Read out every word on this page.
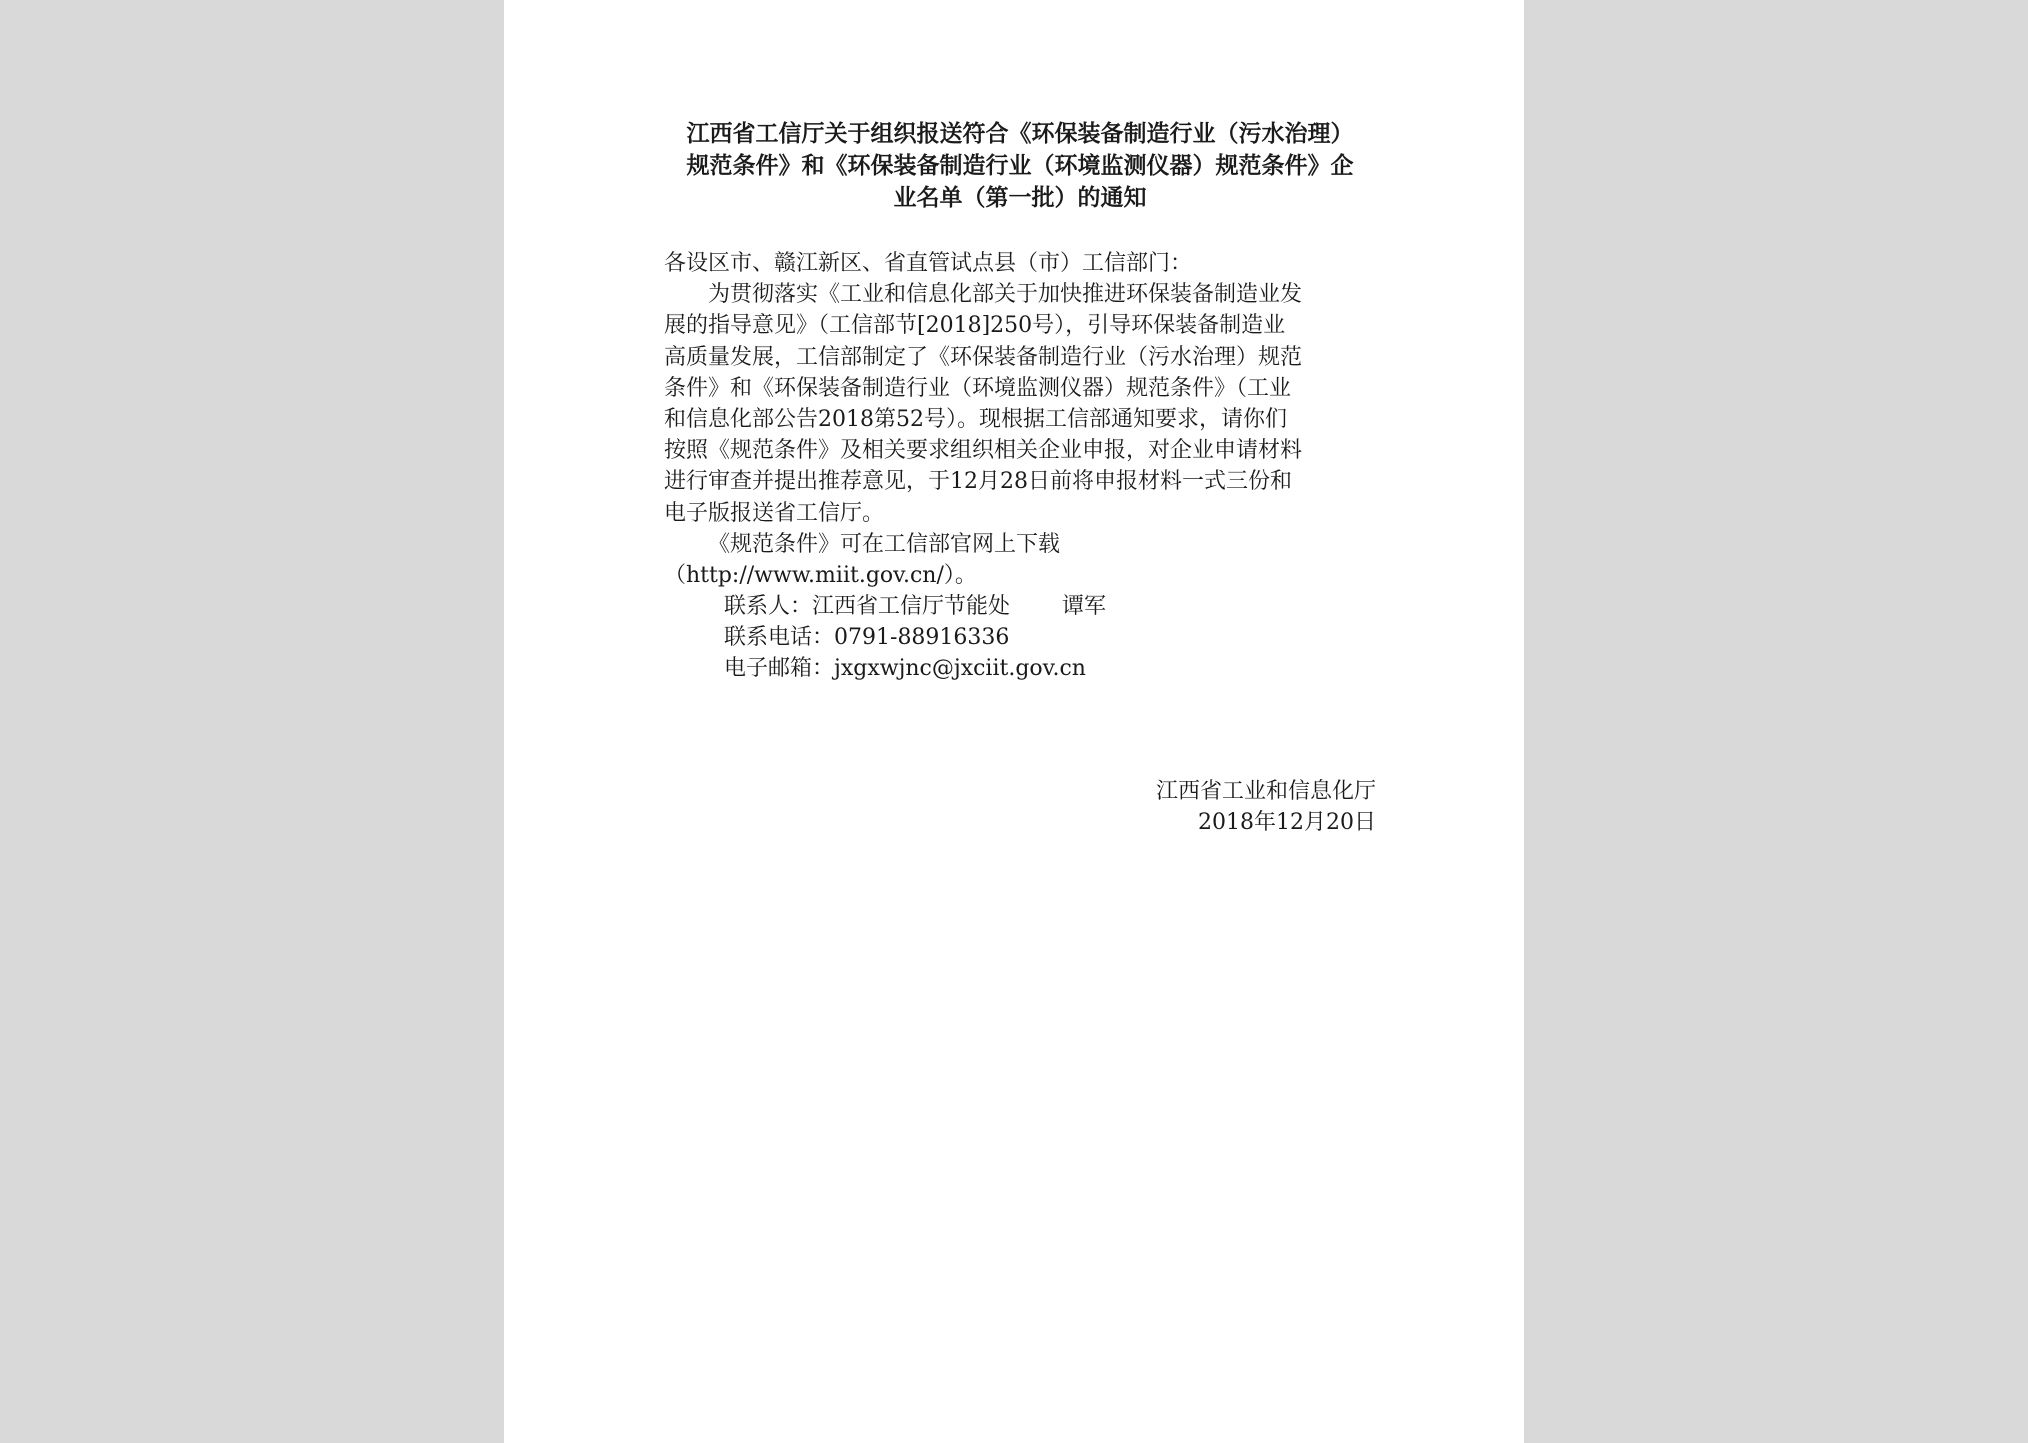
江西省工信厅关于组织报送符合《环保装备制造行业（污水治理）
规范条件》和《环保装备制造行业（环境监测仪器）规范条件》企
业名单（第一批）的通知
各设区市、赣江新区、省直管试点县（市）工信部门：
为贯彻落实《工业和信息化部关于加快推进环保装备制造业发
展的指导意见》（工信部节[2018]250号），引导环保装备制造业
高质量发展，工信部制定了《环保装备制造行业（污水治理）规范
条件》和《环保装备制造行业（环境监测仪器）规范条件》（工业
和信息化部公告2018第52号）。现根据工信部通知要求，请你们
按照《规范条件》及相关要求组织相关企业申报，对企业申请材料
进行审查并提出推荐意见，于12月28日前将申报材料一式三份和
电子版报送省工信厅。
《规范条件》可在工信部官网上下载
（http://www.miit.gov.cn/）。
联系人：江西省工信厅节能处 谭军
联系电话：0791-88916336
电子邮箱：jxgxwjnc@jxciit.gov.cn
江西省工业和信息化厅
2018年12月20日
